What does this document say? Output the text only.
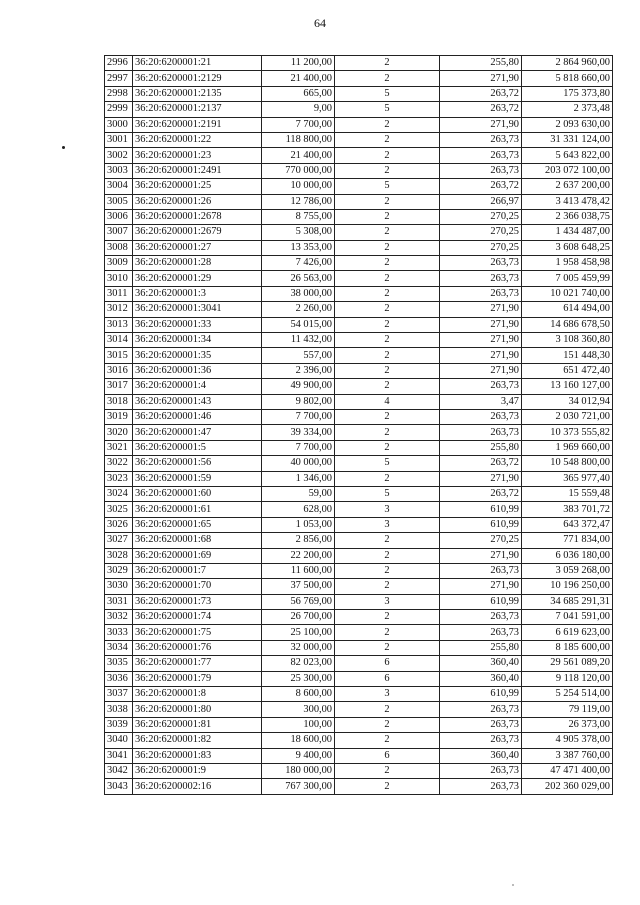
64
2996	36:20:6200001:21	11 200,00	2	255,80	2 864 960,00
2997	36:20:6200001:2129	21 400,00	2	271,90	5 818 660,00
2998	36:20:6200001:2135	665,00	5	263,72	175 373,80
2999	36:20:6200001:2137	9,00	5	263,72	2 373,48
3000	36:20:6200001:2191	7 700,00	2	271,90	2 093 630,00
3001	36:20:6200001:22	118 800,00	2	263,73	31 331 124,00
3002	36:20:6200001:23	21 400,00	2	263,73	5 643 822,00
3003	36:20:6200001:2491	770 000,00	2	263,73	203 072 100,00
3004	36:20:6200001:25	10 000,00	5	263,72	2 637 200,00
3005	36:20:6200001:26	12 786,00	2	266,97	3 413 478,42
3006	36:20:6200001:2678	8 755,00	2	270,25	2 366 038,75
3007	36:20:6200001:2679	5 308,00	2	270,25	1 434 487,00
3008	36:20:6200001:27	13 353,00	2	270,25	3 608 648,25
3009	36:20:6200001:28	7 426,00	2	263,73	1 958 458,98
3010	36:20:6200001:29	26 563,00	2	263,73	7 005 459,99
3011	36:20:6200001:3	38 000,00	2	263,73	10 021 740,00
3012	36:20:6200001:3041	2 260,00	2	271,90	614 494,00
3013	36:20:6200001:33	54 015,00	2	271,90	14 686 678,50
3014	36:20:6200001:34	11 432,00	2	271,90	3 108 360,80
3015	36:20:6200001:35	557,00	2	271,90	151 448,30
3016	36:20:6200001:36	2 396,00	2	271,90	651 472,40
3017	36:20:6200001:4	49 900,00	2	263,73	13 160 127,00
3018	36:20:6200001:43	9 802,00	4	3,47	34 012,94
3019	36:20:6200001:46	7 700,00	2	263,73	2 030 721,00
3020	36:20:6200001:47	39 334,00	2	263,73	10 373 555,82
3021	36:20:6200001:5	7 700,00	2	255,80	1 969 660,00
3022	36:20:6200001:56	40 000,00	5	263,72	10 548 800,00
3023	36:20:6200001:59	1 346,00	2	271,90	365 977,40
3024	36:20:6200001:60	59,00	5	263,72	15 559,48
3025	36:20:6200001:61	628,00	3	610,99	383 701,72
3026	36:20:6200001:65	1 053,00	3	610,99	643 372,47
3027	36:20:6200001:68	2 856,00	2	270,25	771 834,00
3028	36:20:6200001:69	22 200,00	2	271,90	6 036 180,00
3029	36:20:6200001:7	11 600,00	2	263,73	3 059 268,00
3030	36:20:6200001:70	37 500,00	2	271,90	10 196 250,00
3031	36:20:6200001:73	56 769,00	3	610,99	34 685 291,31
3032	36:20:6200001:74	26 700,00	2	263,73	7 041 591,00
3033	36:20:6200001:75	25 100,00	2	263,73	6 619 623,00
3034	36:20:6200001:76	32 000,00	2	255,80	8 185 600,00
3035	36:20:6200001:77	82 023,00	6	360,40	29 561 089,20
3036	36:20:6200001:79	25 300,00	6	360,40	9 118 120,00
3037	36:20:6200001:8	8 600,00	3	610,99	5 254 514,00
3038	36:20:6200001:80	300,00	2	263,73	79 119,00
3039	36:20:6200001:81	100,00	2	263,73	26 373,00
3040	36:20:6200001:82	18 600,00	2	263,73	4 905 378,00
3041	36:20:6200001:83	9 400,00	6	360,40	3 387 760,00
3042	36:20:6200001:9	180 000,00	2	263,73	47 471 400,00
3043	36:20:6200002:16	767 300,00	2	263,73	202 360 029,00
